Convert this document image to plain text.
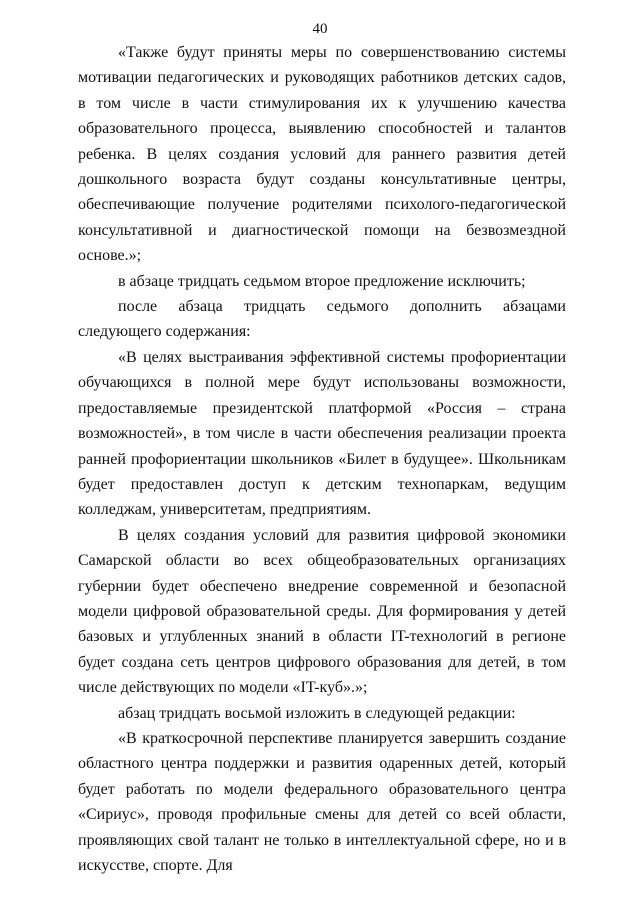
40

«Также будут приняты меры по совершенствованию системы мотивации педагогических и руководящих работников детских садов, в том числе в части стимулирования их к улучшению качества образовательного процесса, выявлению способностей и талантов ребенка. В целях создания условий для раннего развития детей дошкольного возраста будут созданы консультативные центры, обеспечивающие получение родителями психолого-педагогической консультативной и диагностической помощи на безвозмездной основе.»;

в абзаце тридцать седьмом второе предложение исключить;

после абзаца тридцать седьмого дополнить абзацами следующего содержания:

«В целях выстраивания эффективной системы профориентации обучающихся в полной мере будут использованы возможности, предоставляемые президентской платформой «Россия – страна возможностей», в том числе в части обеспечения реализации проекта ранней профориентации школьников «Билет в будущее». Школьникам будет предоставлен доступ к детским технопаркам, ведущим колледжам, университетам, предприятиям.

В целях создания условий для развития цифровой экономики Самарской области во всех общеобразовательных организациях губернии будет обеспечено внедрение современной и безопасной модели цифровой образовательной среды. Для формирования у детей базовых и углубленных знаний в области IT-технологий в регионе будет создана сеть центров цифрового образования для детей, в том числе действующих по модели «IT-куб».»;

абзац тридцать восьмой изложить в следующей редакции:

«В краткосрочной перспективе планируется завершить создание областного центра поддержки и развития одаренных детей, который будет работать по модели федерального образовательного центра «Сириус», проводя профильные смены для детей со всей области, проявляющих свой талант не только в интеллектуальной сфере, но и в искусстве, спорте. Для
